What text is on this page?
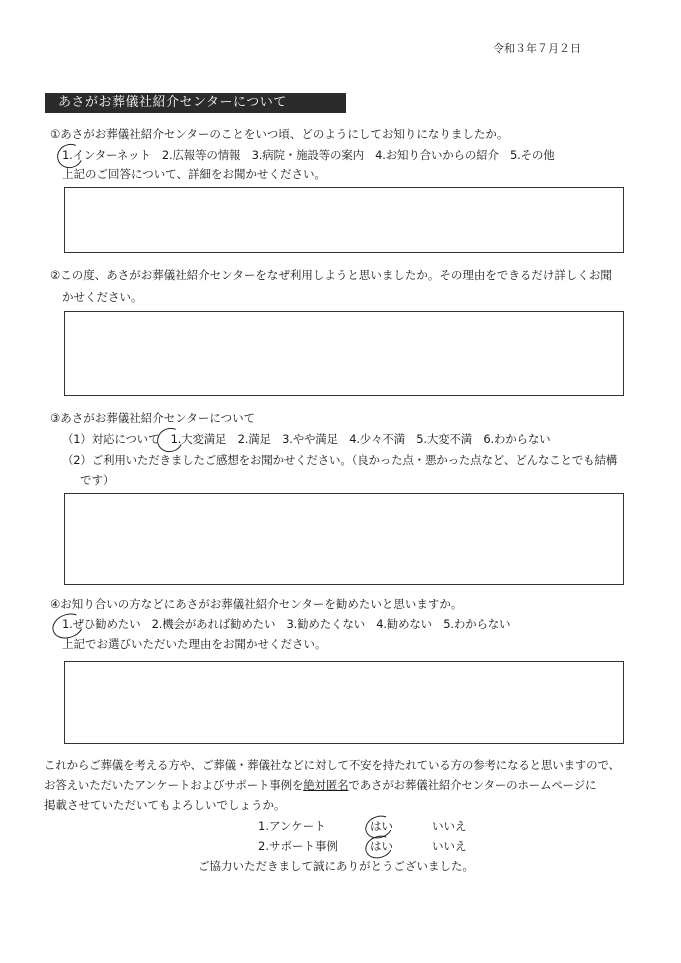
令和３年７月２日
あさがお葬儀社紹介センターについて
①あさがお葬儀社紹介センターのことをいつ頃、どのようにしてお知りになりましたか。
1.インターネット　2.広報等の情報　3.病院・施設等の案内　4.お知り合いからの紹介　5.その他
上記のご回答について、詳細をお聞かせください。
②この度、あさがお葬儀社紹介センターをなぜ利用しようと思いましたか。その理由をできるだけ詳しくお聞
かせください。
③あさがお葬儀社紹介センターについて
（1）対応について　1.大変満足　2.満足　3.やや満足　4.少々不満　5.大変不満　6.わからない
（2）ご利用いただきましたご感想をお聞かせください。（良かった点・悪かった点など、どんなことでも結構
です）
④お知り合いの方などにあさがお葬儀社紹介センターを勧めたいと思いますか。
1.ぜひ勧めたい　2.機会があれば勧めたい　3.勧めたくない　4.勧めない　5.わからない
上記でお選びいただいた理由をお聞かせください。
これからご葬儀を考える方や、ご葬儀・葬儀社などに対して不安を持たれている方の参考になると思いますので、
お答えいただいたアンケートおよびサポート事例を絶対匿名であさがお葬儀社紹介センターのホームページに
掲載させていただいてもよろしいでしょうか。
1.アンケート	はい	いいえ
2.サポート事例	はい	いいえ
ご協力いただきまして誠にありがとうございました。
